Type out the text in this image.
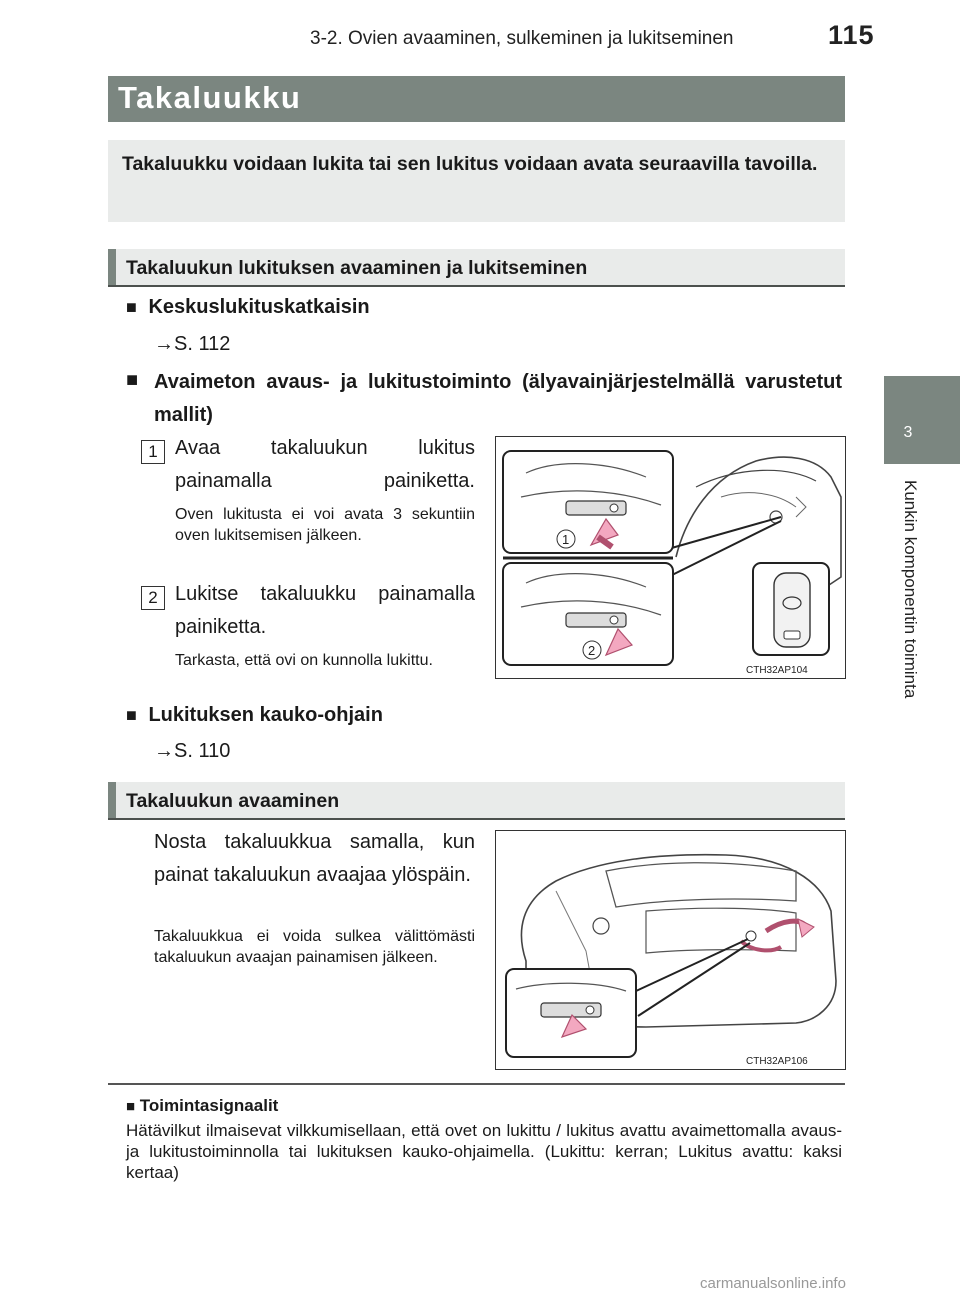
3-2. Ovien avaaminen, sulkeminen ja lukitseminen	115
3
Kunkin komponentin toiminta
Takaluukku
Takaluukku voidaan lukita tai sen lukitus voidaan avata seuraavilla tavoilla.
Takaluukun lukituksen avaaminen ja lukitseminen
■ Keskuslukituskatkaisin
→S. 112
■ Avaimeton avaus- ja lukitustoiminto (älyavainjärjestelmällä varustetut mallit)
1 Avaa takaluukun lukitus painamalla painiketta.
Oven lukitusta ei voi avata 3 sekuntiin oven lukitsemisen jälkeen.
2 Lukitse takaluukku painamalla painiketta.
Tarkasta, että ovi on kunnolla lukittu.
1
2
CTH32AP104
■ Lukituksen kauko-ohjain
→S. 110
Takaluukun avaaminen
Nosta takaluukkua samalla, kun painat takaluukun avaajaa ylöspäin.
Takaluukkua ei voida sulkea välittömästi takaluukun avaajan painamisen jälkeen.
CTH32AP106
■ Toimintasignaalit
Hätävilkut ilmaisevat vilkkumisellaan, että ovet on lukittu / lukitus avattu avaimettomalla avaus- ja lukitustoiminnolla tai lukituksen kauko-ohjaimella. (Lukittu: kerran; Lukitus avattu: kaksi kertaa)
carmanualsonline.info
